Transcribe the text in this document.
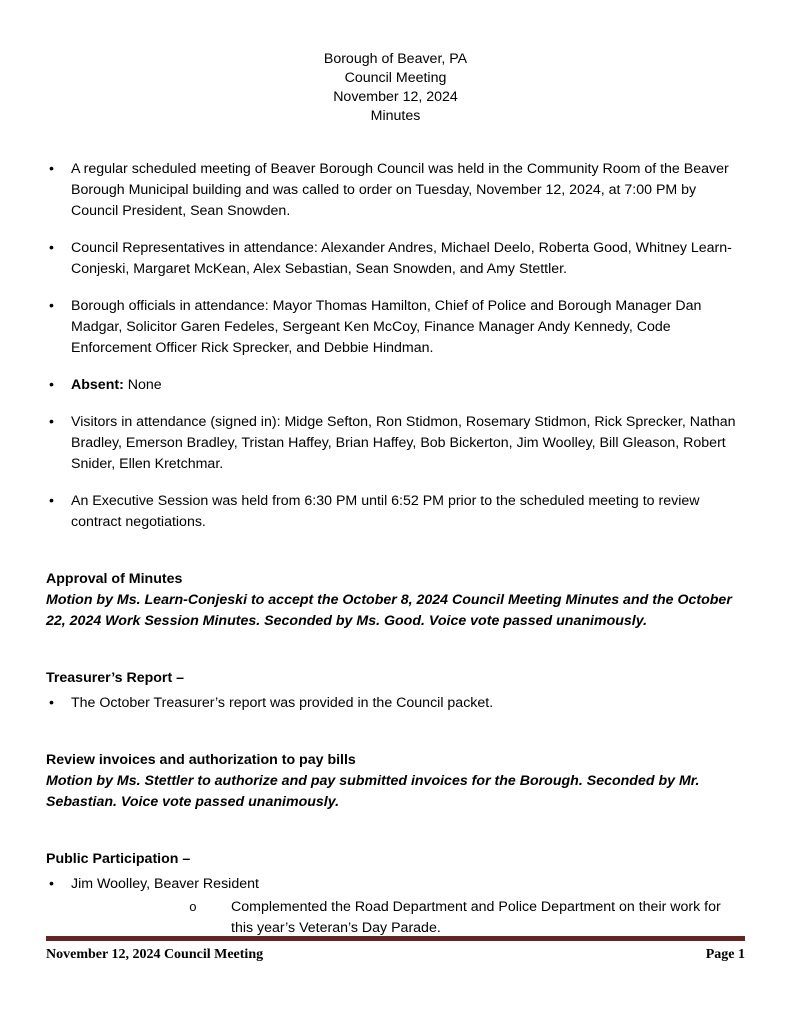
Borough of Beaver, PA
Council Meeting
November 12, 2024
Minutes
•	A regular scheduled meeting of Beaver Borough Council was held in the Community Room of the Beaver Borough Municipal building and was called to order on Tuesday, November 12, 2024, at 7:00 PM by Council President, Sean Snowden.
•	Council Representatives in attendance: Alexander Andres, Michael Deelo, Roberta Good, Whitney Learn-Conjeski, Margaret McKean, Alex Sebastian, Sean Snowden, and Amy Stettler.
•	Borough officials in attendance: Mayor Thomas Hamilton, Chief of Police and Borough Manager Dan Madgar, Solicitor Garen Fedeles, Sergeant Ken McCoy, Finance Manager Andy Kennedy, Code Enforcement Officer Rick Sprecker, and Debbie Hindman.
•	Absent: None
•	Visitors in attendance (signed in): Midge Sefton, Ron Stidmon, Rosemary Stidmon, Rick Sprecker, Nathan Bradley, Emerson Bradley, Tristan Haffey, Brian Haffey, Bob Bickerton, Jim Woolley, Bill Gleason, Robert Snider, Ellen Kretchmar.
•	An Executive Session was held from 6:30 PM until 6:52 PM prior to the scheduled meeting to review contract negotiations.
Approval of Minutes

Motion by Ms. Learn-Conjeski to accept the October 8, 2024 Council Meeting Minutes and the October 22, 2024 Work Session Minutes. Seconded by Ms. Good. Voice vote passed unanimously.

Treasurer’s Report –
•	The October Treasurer’s report was provided in the Council packet.
Review invoices and authorization to pay bills

Motion by Ms. Stettler to authorize and pay submitted invoices for the Borough. Seconded by Mr. Sebastian. Voice vote passed unanimously.

Public Participation –
•	Jim Woolley, Beaver Resident
o	Complemented the Road Department and Police Department on their work for this year’s Veteran’s Day Parade.
November 12, 2024 Council Meeting	Page 1
